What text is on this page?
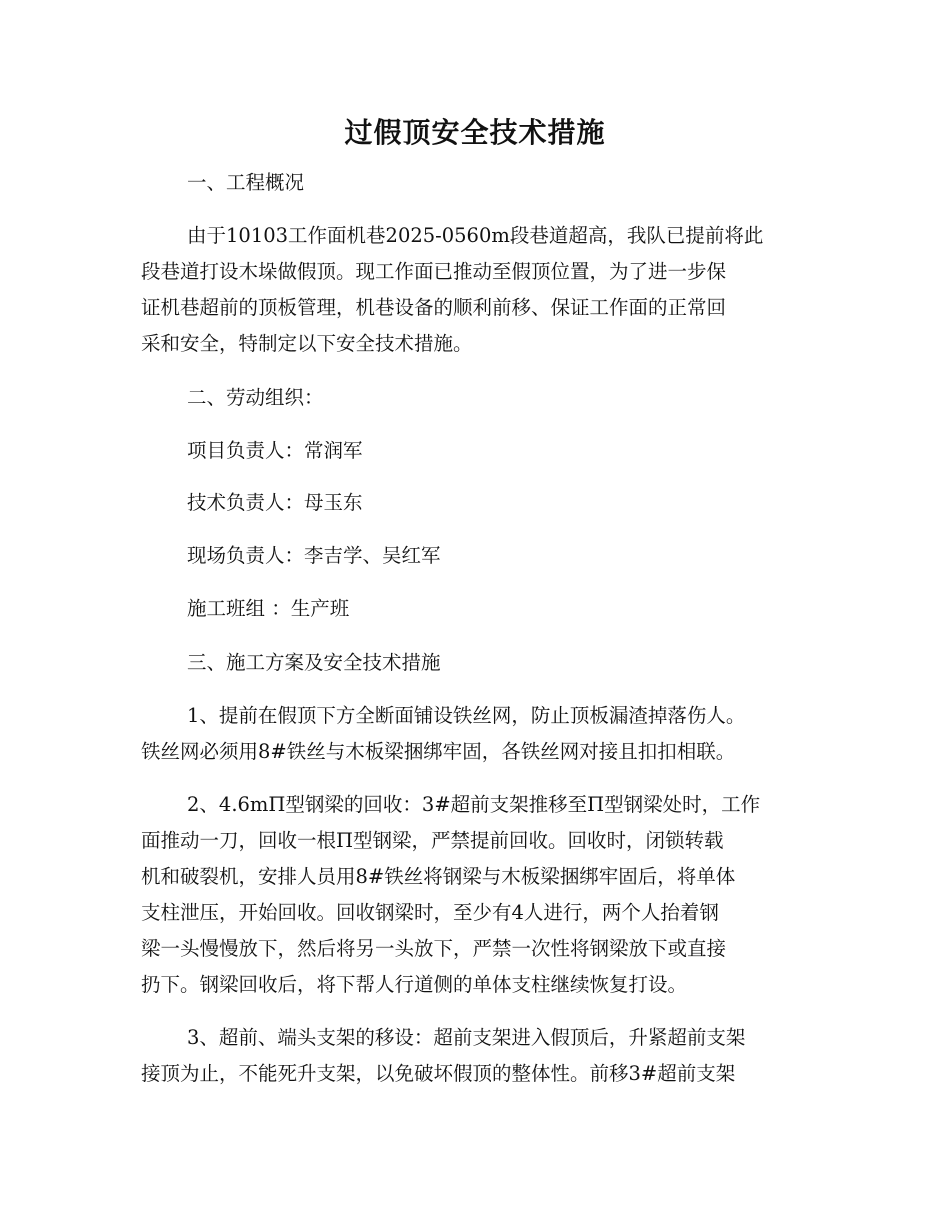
过假顶安全技术措施
一、工程概况
由于10103工作面机巷2025-0560m段巷道超高，我队已提前将此
段巷道打设木垛做假顶。现工作面已推动至假顶位置，为了进一步保
证机巷超前的顶板管理，机巷设备的顺利前移、保证工作面的正常回
采和安全，特制定以下安全技术措施。
二、劳动组织：
项目负责人：常润军
技术负责人：母玉东
现场负责人：李吉学、吴红军
施工班组 ：生产班
三、施工方案及安全技术措施
1、提前在假顶下方全断面铺设铁丝网，防止顶板漏渣掉落伤人。
铁丝网必须用8#铁丝与木板梁捆绑牢固，各铁丝网对接且扣扣相联。
2、4.6mΠ型钢梁的回收：3#超前支架推移至Π型钢梁处时，工作
面推动一刀，回收一根Π型钢梁，严禁提前回收。回收时，闭锁转载
机和破裂机，安排人员用8#铁丝将钢梁与木板梁捆绑牢固后，将单体
支柱泄压，开始回收。回收钢梁时，至少有4人进行，两个人抬着钢
梁一头慢慢放下，然后将另一头放下，严禁一次性将钢梁放下或直接
扔下。钢梁回收后，将下帮人行道侧的单体支柱继续恢复打设。
3、超前、端头支架的移设：超前支架进入假顶后，升紧超前支架
接顶为止，不能死升支架，以免破坏假顶的整体性。前移3#超前支架
